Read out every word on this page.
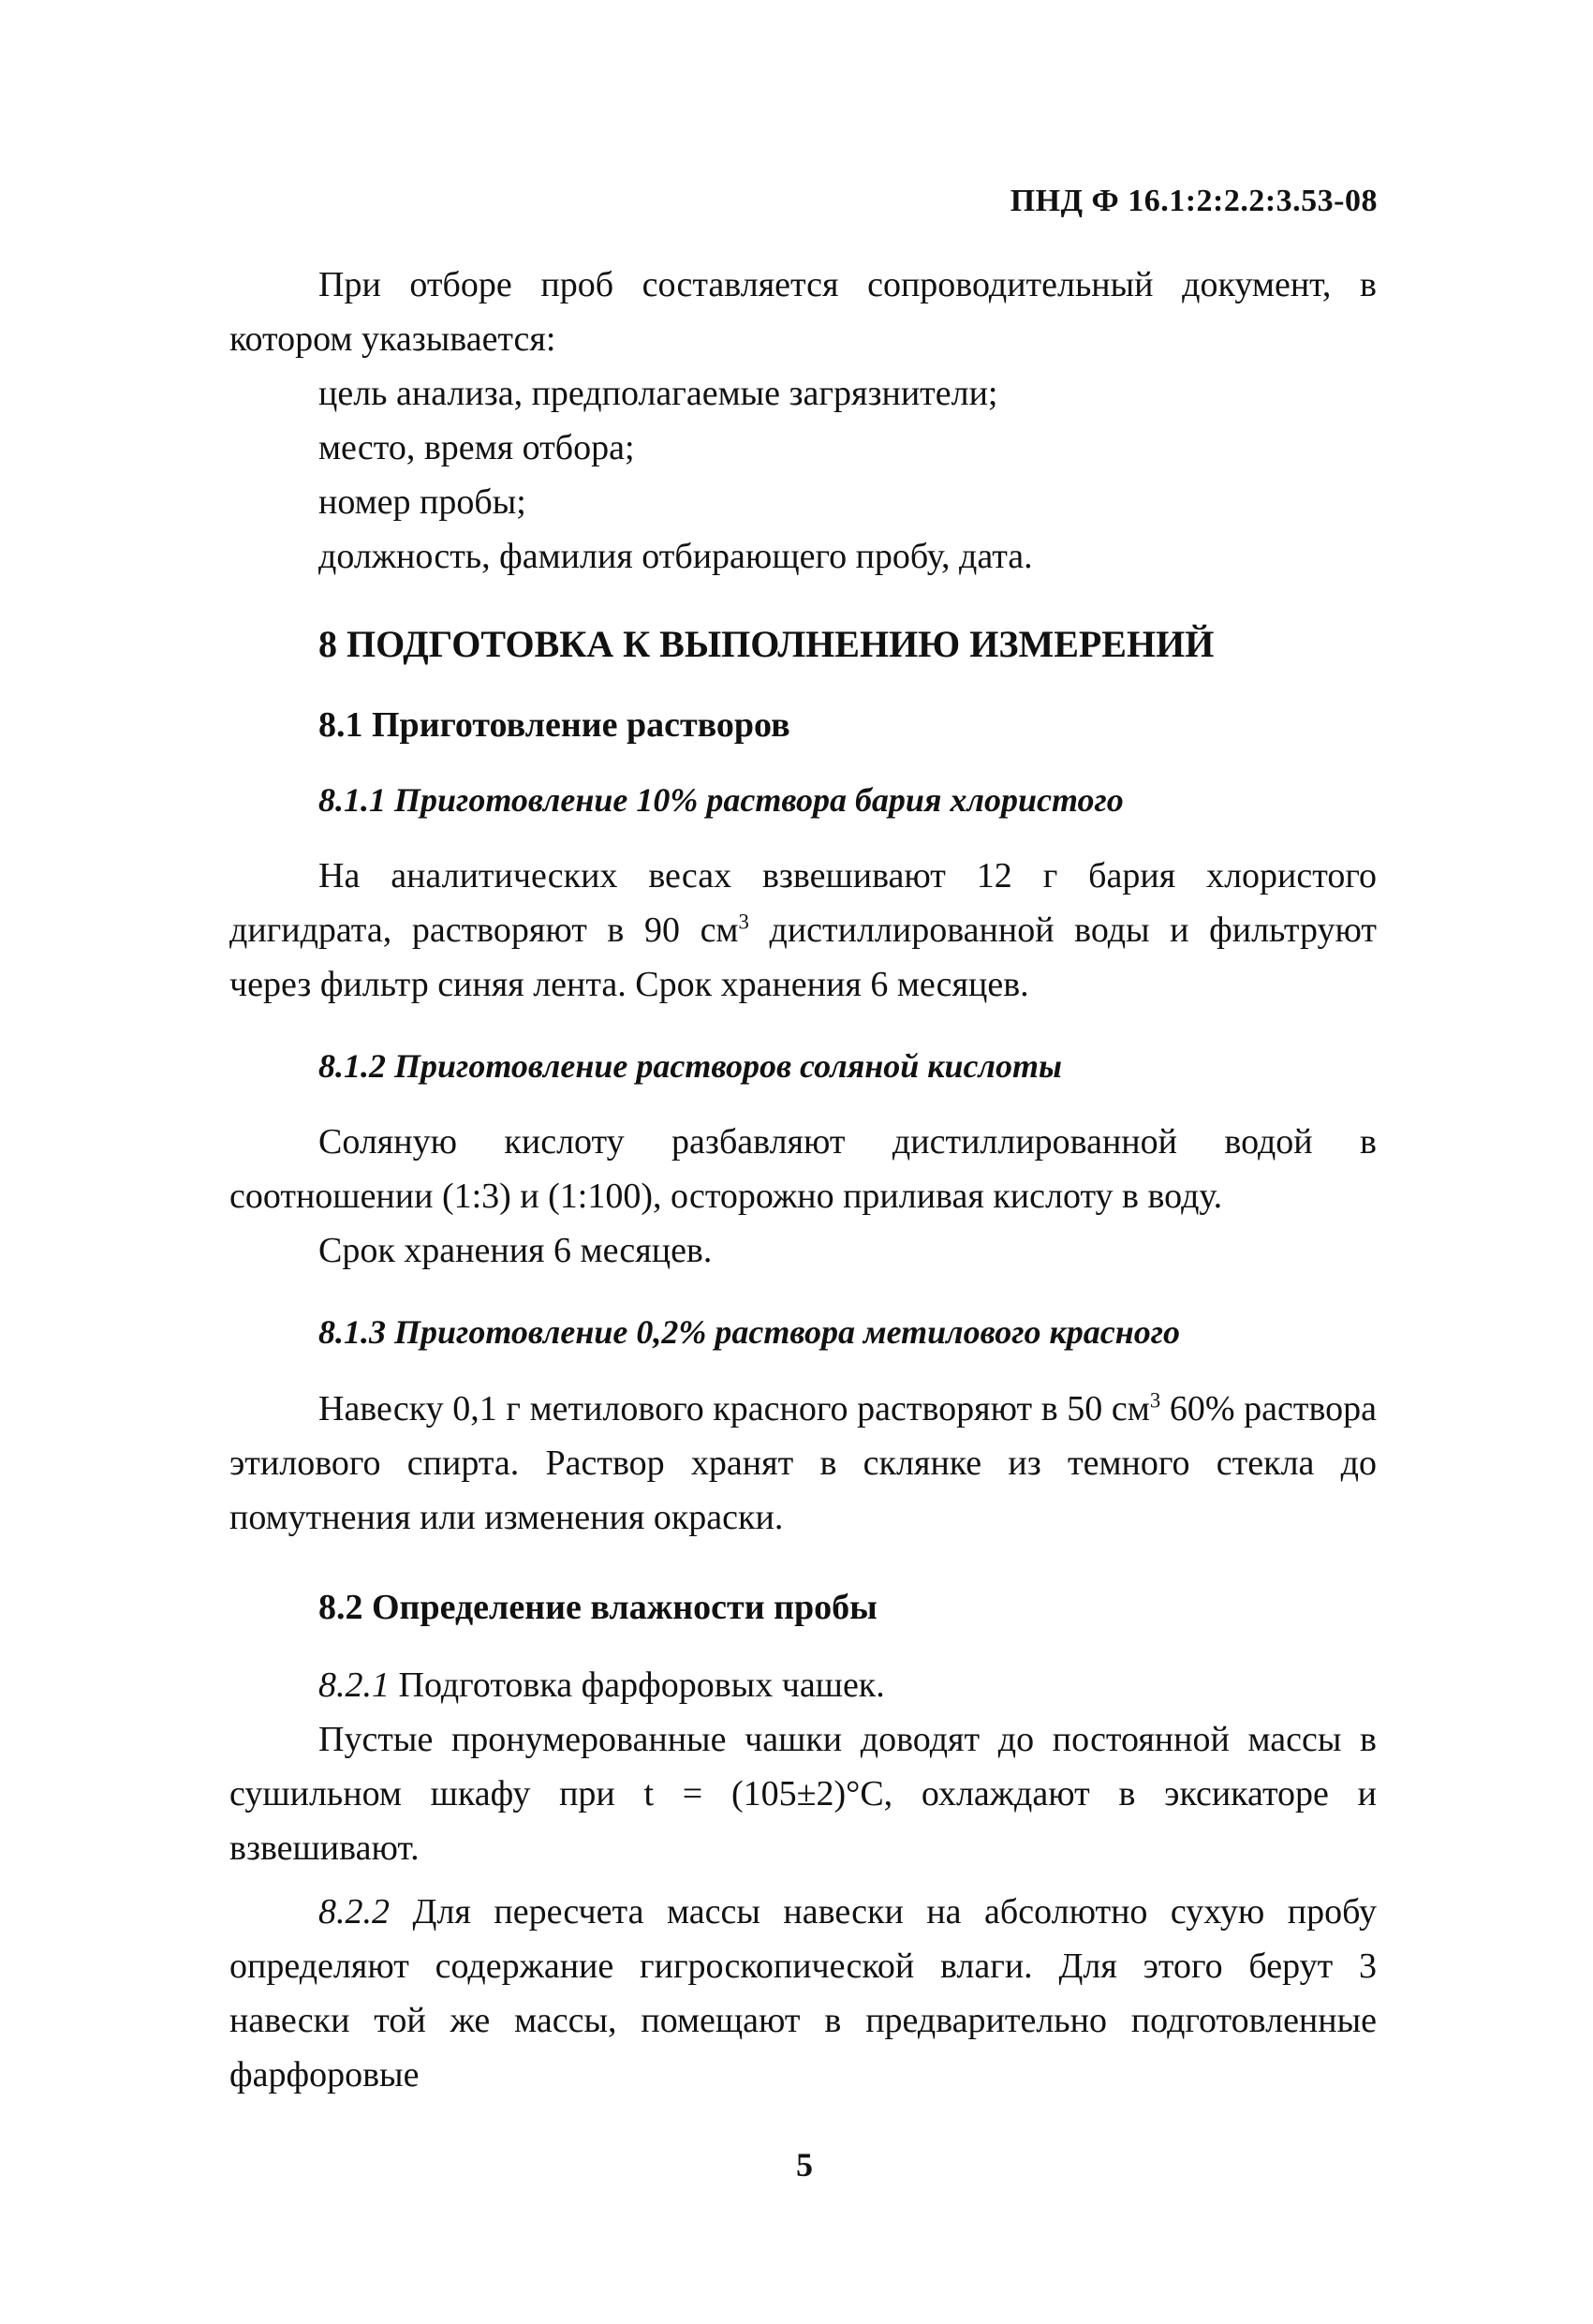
ПНД Ф 16.1:2:2.2:3.53-08

При отборе проб составляется сопроводительный документ, в котором указывается:

цель анализа, предполагаемые загрязнители;
место, время отбора;
номер пробы;
должность, фамилия отбирающего пробу, дата.
8 ПОДГОТОВКА К ВЫПОЛНЕНИЮ ИЗМЕРЕНИЙ
8.1 Приготовление растворов
8.1.1 Приготовление 10% раствора бария хлористого

На аналитических весах взвешивают 12 г бария хлористого дигидрата, растворяют в 90 $см^3$ дистиллированной воды и фильтруют через фильтр синяя лента. Срок хранения 6 месяцев.

8.1.2 Приготовление растворов соляной кислоты

Соляную кислоту разбавляют дистиллированной водой в соотношении (1:3) и (1:100), осторожно приливая кислоту в воду.

Срок хранения 6 месяцев.

8.1.3 Приготовление 0,2% раствора метилового красного

Навеску 0,1 г метилового красного растворяют в 50 $см^3$ 60% раствора этилового спирта. Раствор хранят в склянке из темного стекла до помутнения или изменения окраски.

8.2 Определение влажности пробы
8.2.1 Подготовка фарфоровых чашек.

Пустые пронумерованные чашки доводят до постоянной массы в сушильном шкафу при t = (105±2)°С, охлаждают в эксикаторе и взвешивают.

8.2.2 Для пересчета массы навески на абсолютно сухую пробу определяют содержание гигроскопической влаги. Для этого берут 3 навески той же массы, помещают в предварительно подготовленные фарфоровые

5
